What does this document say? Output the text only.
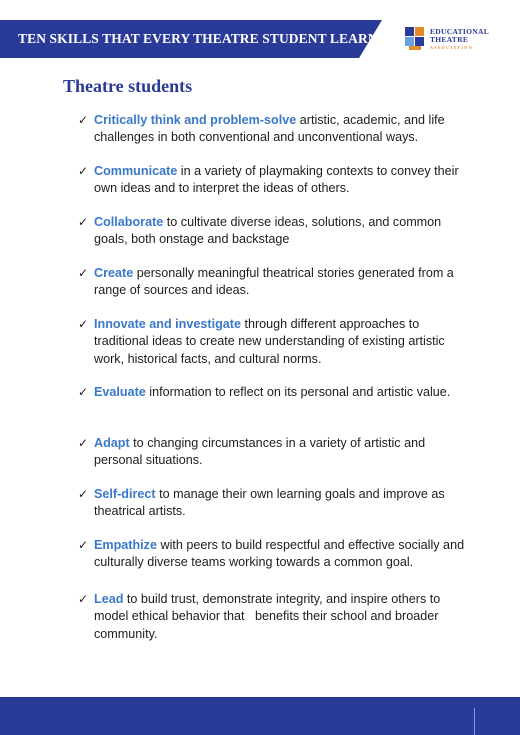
TEN SKILLS THAT EVERY THEATRE STUDENT LEARNS	EDUCATIONAL
THEATRE
ASSOCIATION
Theatre students
✓ Critically think and problem-solve artistic, academic, and life challenges in both conventional and unconventional ways.
✓ Communicate in a variety of playmaking contexts to convey their own ideas and to interpret the ideas of others.
✓ Collaborate to cultivate diverse ideas, solutions, and common goals, both onstage and backstage
✓ Create personally meaningful theatrical stories generated from a range of sources and ideas.
✓ Innovate and investigate through different approaches to traditional ideas to create new understanding of existing artistic work, historical facts, and cultural norms.
✓ Evaluate information to reflect on its personal and artistic value.
✓ Adapt to changing circumstances in a variety of artistic and personal situations.
✓ Self-direct to manage their own learning goals and improve as theatrical artists.
✓ Empathize with peers to build respectful and effective socially and culturally diverse teams working towards a common goal.
✓ Lead to build trust, demonstrate integrity, and inspire others to model ethical behavior that   benefits their school and broader community.
